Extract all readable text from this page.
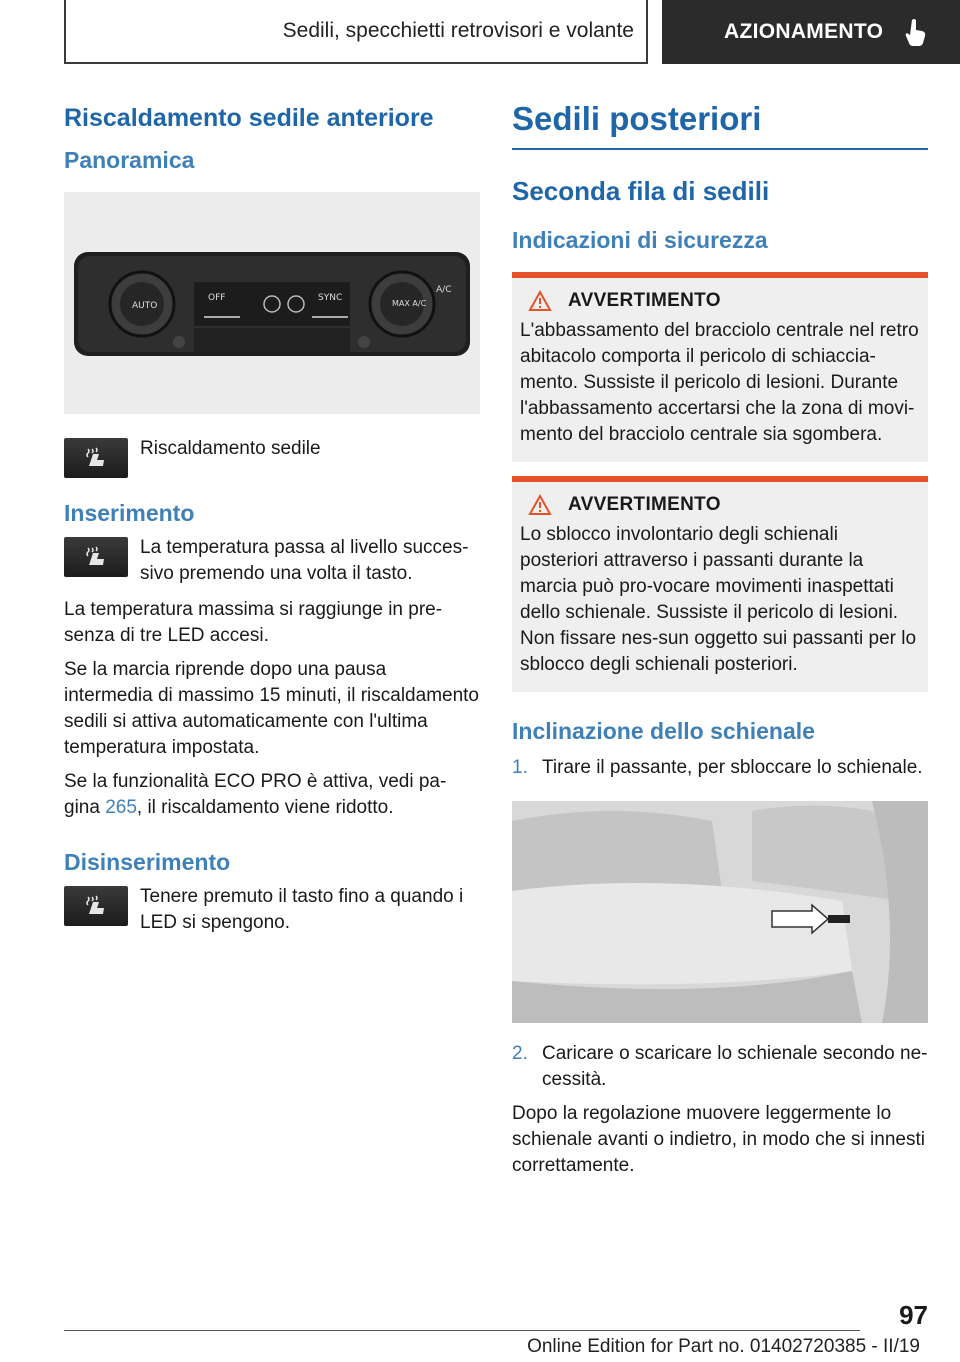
Sedili, specchietti retrovisori e volante	AZIONAMENTO
Riscaldamento sedile anteriore
Panoramica
AUTO
OFF	SYNC
MAX A/C
A/C

Riscaldamento sedile

Inserimento

La temperatura passa al livello succes-sivo premendo una volta il tasto.

La temperatura massima si raggiunge in pre-senza di tre LED accesi.

Se la marcia riprende dopo una pausa intermedia di massimo 15 minuti, il riscaldamento sedili si attiva automaticamente con l'ultima temperatura impostata.

Se la funzionalità ECO PRO è attiva, vedi pa-gina 265, il riscaldamento viene ridotto.

Disinserimento

Tenere premuto il tasto fino a quando i LED si spengono.

Sedili posteriori
Seconda fila di sedili
Indicazioni di sicurezza
AVVERTIMENTO

L'abbassamento del bracciolo centrale nel retro abitacolo comporta il pericolo di schiaccia-mento. Sussiste il pericolo di lesioni. Durante l'abbassamento accertarsi che la zona di movi-mento del bracciolo centrale sia sgombera.

AVVERTIMENTO

Lo sblocco involontario degli schienali posteriori attraverso i passanti durante la marcia può pro-vocare movimenti inaspettati dello schienale. Sussiste il pericolo di lesioni. Non fissare nes-sun oggetto sui passanti per lo sblocco degli schienali posteriori.

Inclinazione dello schienale
1. Tirare il passante, per sbloccare lo schienale.
2. Caricare o scaricare lo schienale secondo ne-cessità.

Dopo la regolazione muovere leggermente lo schienale avanti o indietro, in modo che si innesti correttamente.

97
Online Edition for Part no. 01402720385 - II/19
